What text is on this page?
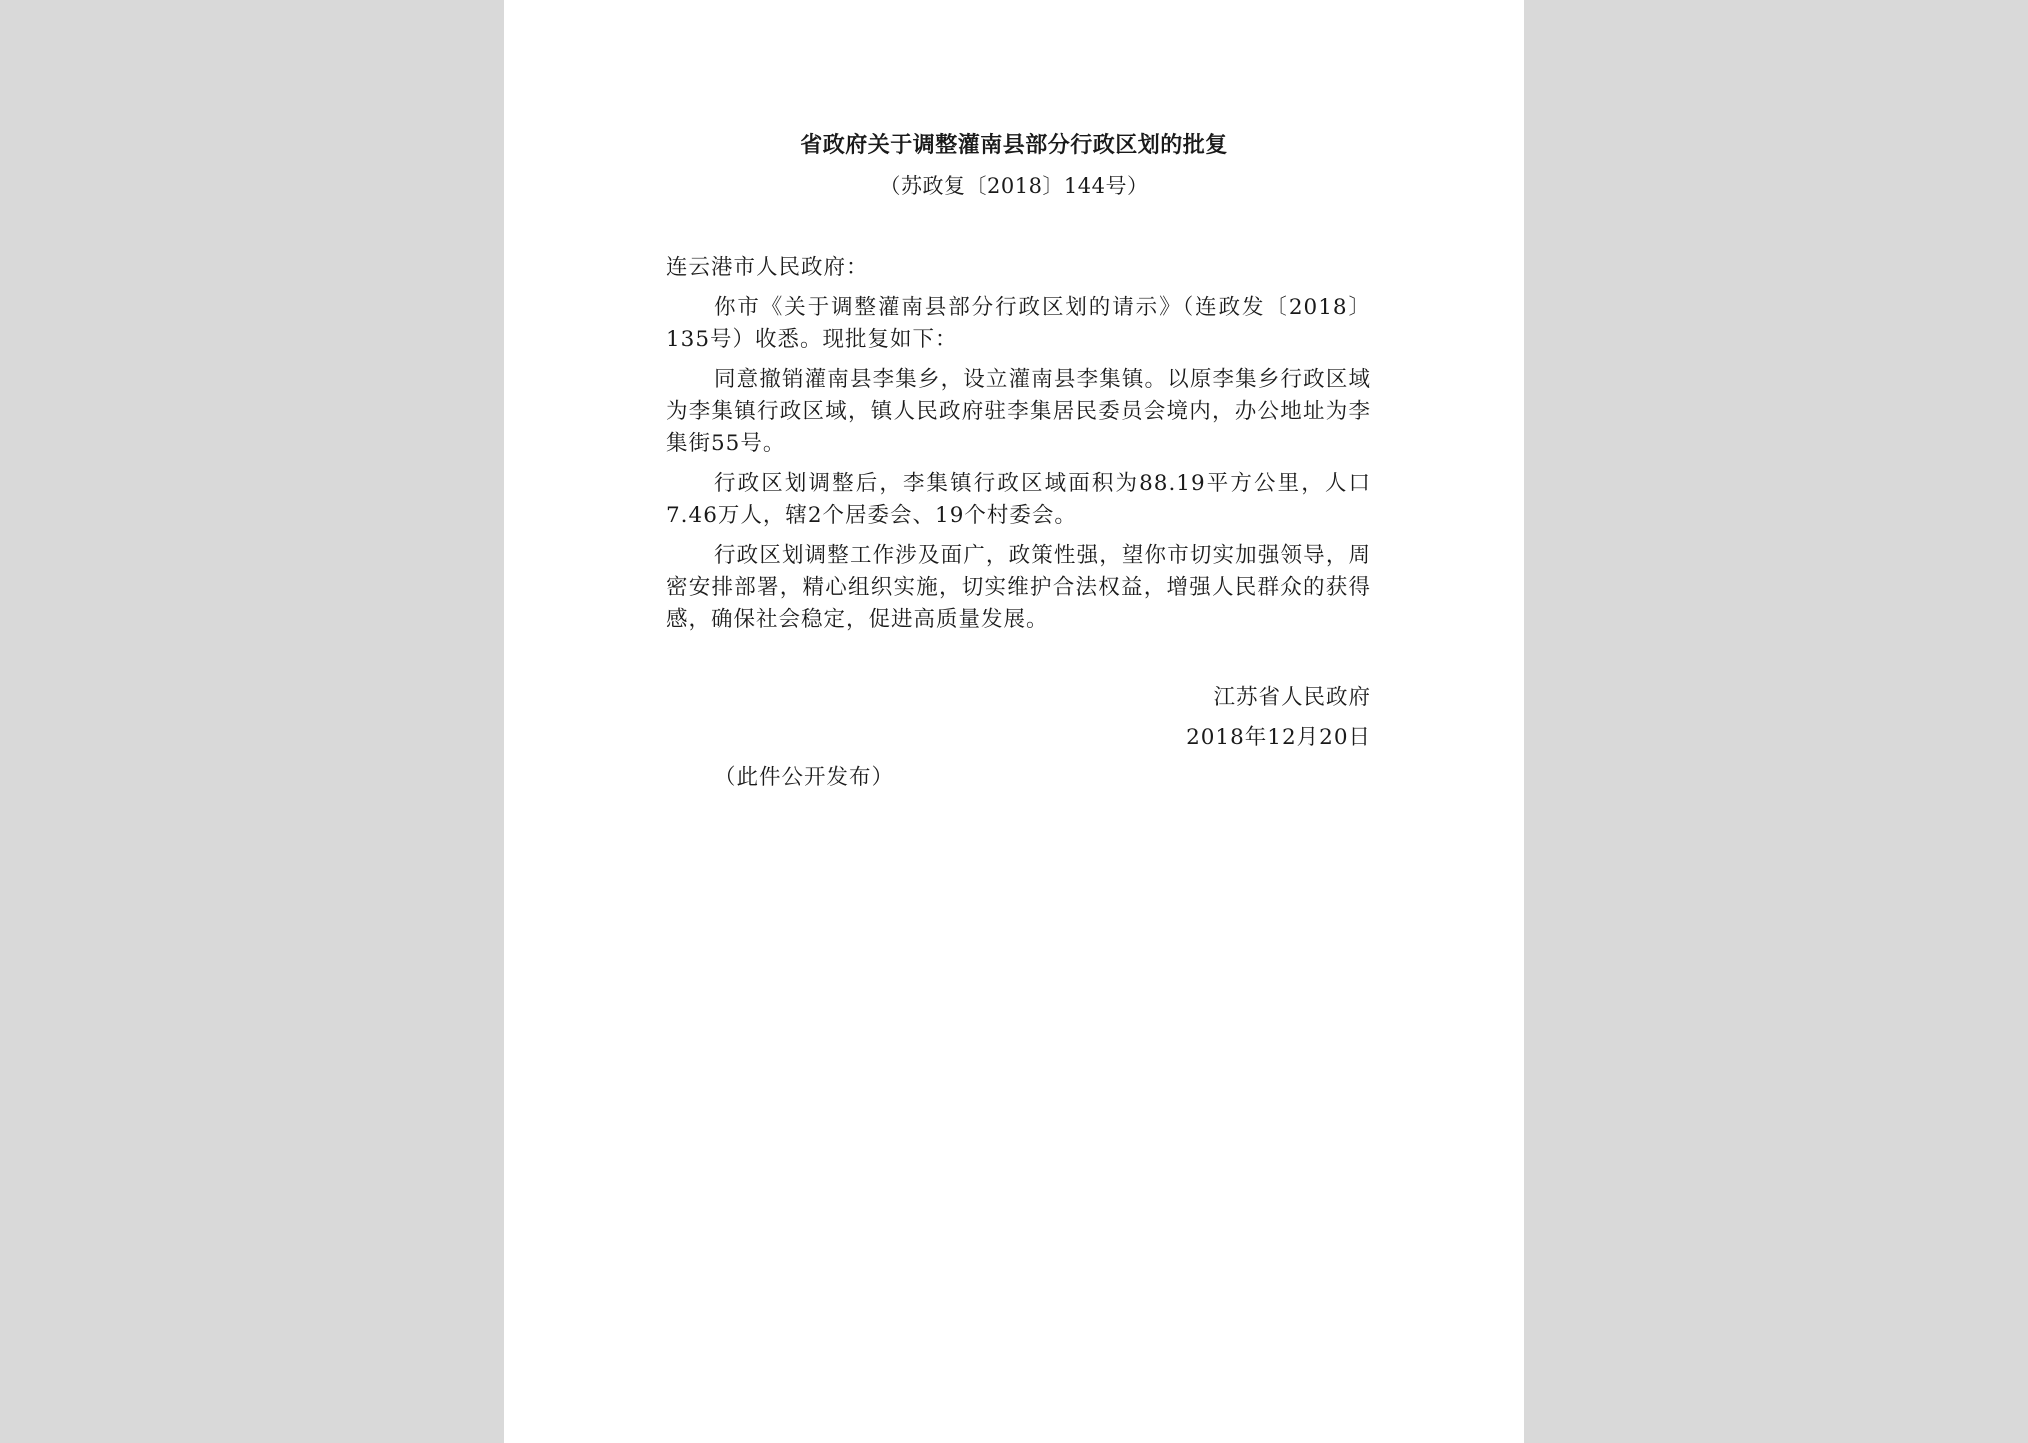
省政府关于调整灌南县部分行政区划的批复
（苏政复〔2018〕144号）

连云港市人民政府：

你市《关于调整灌南县部分行政区划的请示》（连政发〔2018〕135号）收悉。现批复如下：

同意撤销灌南县李集乡，设立灌南县李集镇。以原李集乡行政区域为李集镇行政区域，镇人民政府驻李集居民委员会境内，办公地址为李集街55号。

行政区划调整后，李集镇行政区域面积为88.19平方公里，人口7.46万人，辖2个居委会、19个村委会。

行政区划调整工作涉及面广，政策性强，望你市切实加强领导，周密安排部署，精心组织实施，切实维护合法权益，增强人民群众的获得感，确保社会稳定，促进高质量发展。

江苏省人民政府
2018年12月20日
（此件公开发布）
